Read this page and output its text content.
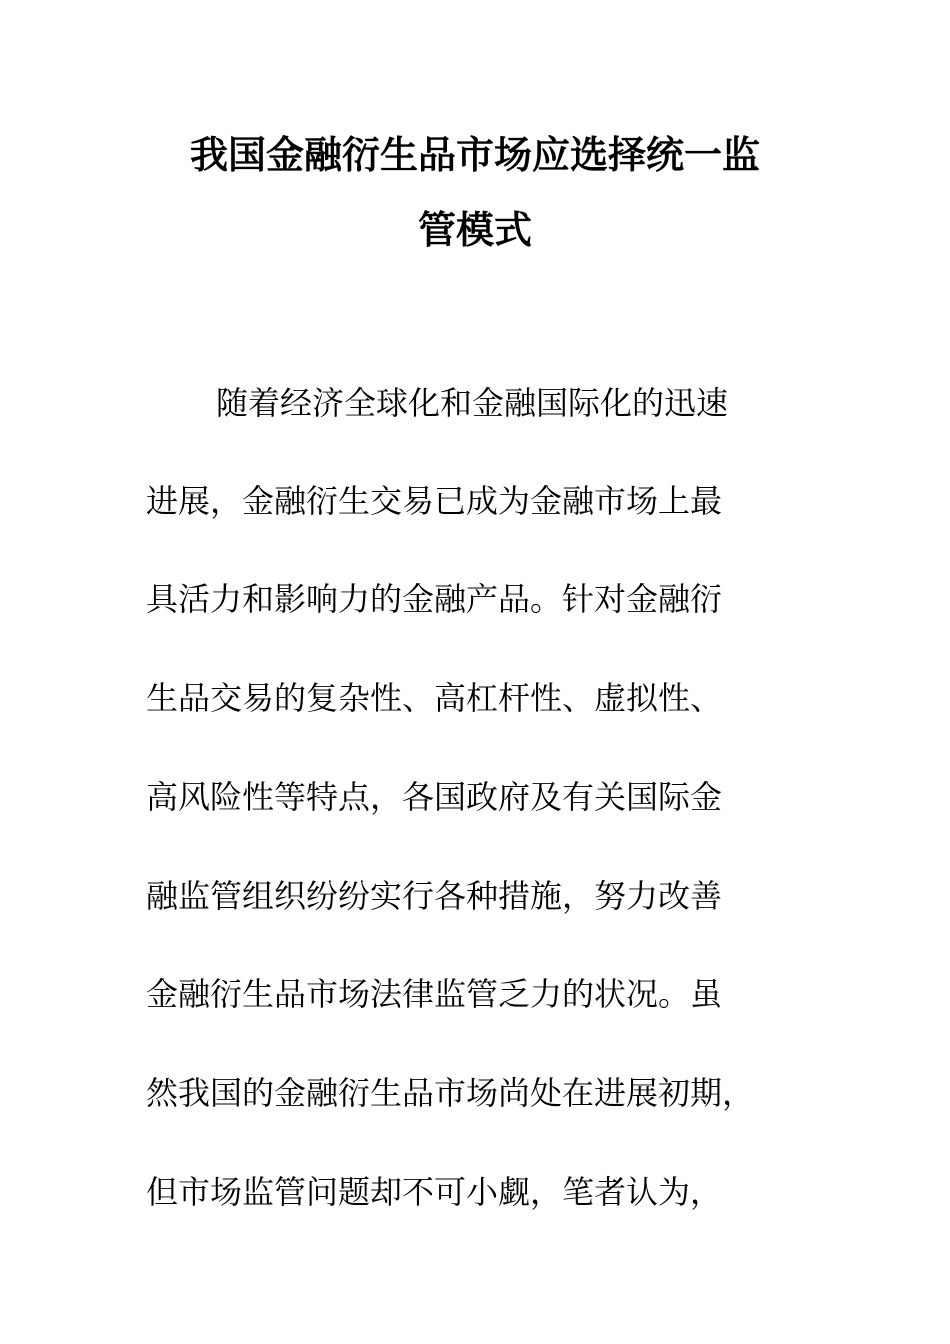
我国金融衍生品市场应选择统一监
管模式
随着经济全球化和金融国际化的迅速
进展，金融衍生交易已成为金融市场上最
具活力和影响力的金融产品。针对金融衍
生品交易的复杂性、高杠杆性、虚拟性、
高风险性等特点，各国政府及有关国际金
融监管组织纷纷实行各种措施，努力改善
金融衍生品市场法律监管乏力的状况。虽
然我国的金融衍生品市场尚处在进展初期，
但市场监管问题却不可小觑，笔者认为，
